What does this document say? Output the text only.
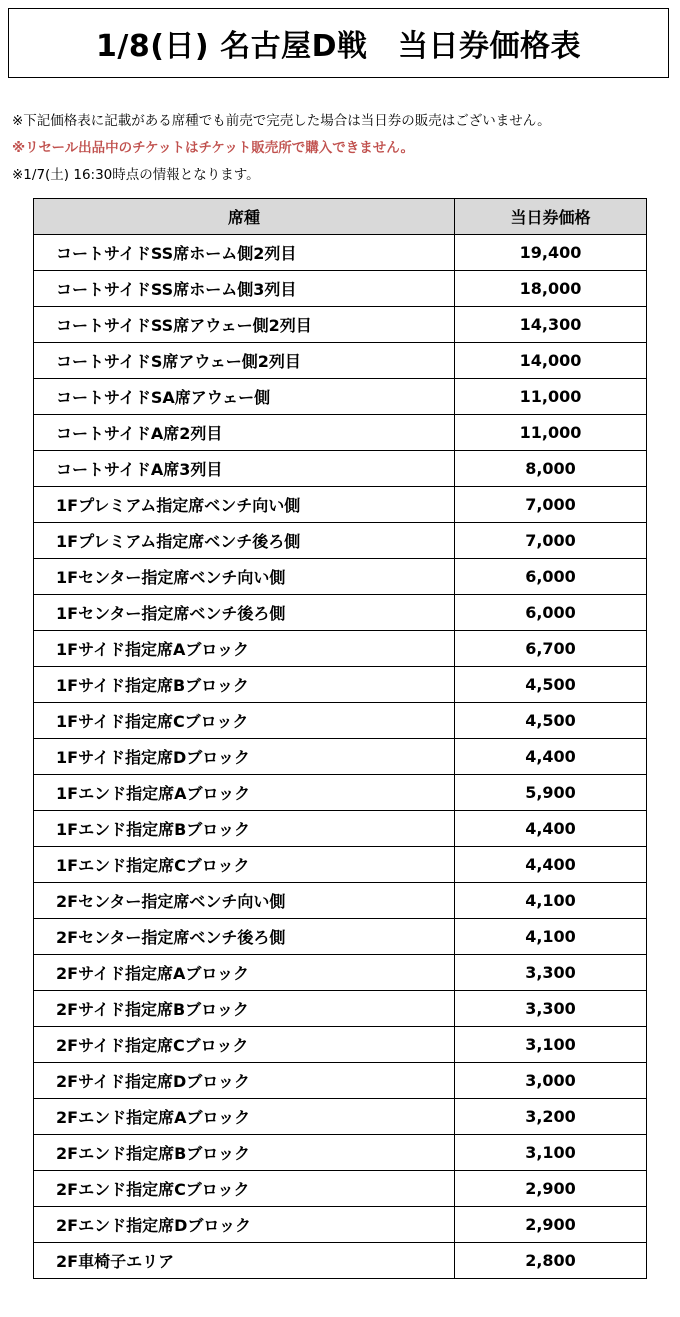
1/8(日) 名古屋D戦　当日券価格表
※下記価格表に記載がある席種でも前売で完売した場合は当日券の販売はございません。
※リセール出品中のチケットはチケット販売所で購入できません。
※1/7(土) 16:30時点の情報となります。
席種	当日券価格
コートサイドSS席ホーム側2列目	19,400
コートサイドSS席ホーム側3列目	18,000
コートサイドSS席アウェー側2列目	14,300
コートサイドS席アウェー側2列目	14,000
コートサイドSA席アウェー側	11,000
コートサイドA席2列目	11,000
コートサイドA席3列目	8,000
1Fプレミアム指定席ベンチ向い側	7,000
1Fプレミアム指定席ベンチ後ろ側	7,000
1Fセンター指定席ベンチ向い側	6,000
1Fセンター指定席ベンチ後ろ側	6,000
1Fサイド指定席Aブロック	6,700
1Fサイド指定席Bブロック	4,500
1Fサイド指定席Cブロック	4,500
1Fサイド指定席Dブロック	4,400
1Fエンド指定席Aブロック	5,900
1Fエンド指定席Bブロック	4,400
1Fエンド指定席Cブロック	4,400
2Fセンター指定席ベンチ向い側	4,100
2Fセンター指定席ベンチ後ろ側	4,100
2Fサイド指定席Aブロック	3,300
2Fサイド指定席Bブロック	3,300
2Fサイド指定席Cブロック	3,100
2Fサイド指定席Dブロック	3,000
2Fエンド指定席Aブロック	3,200
2Fエンド指定席Bブロック	3,100
2Fエンド指定席Cブロック	2,900
2Fエンド指定席Dブロック	2,900
2F車椅子エリア	2,800
